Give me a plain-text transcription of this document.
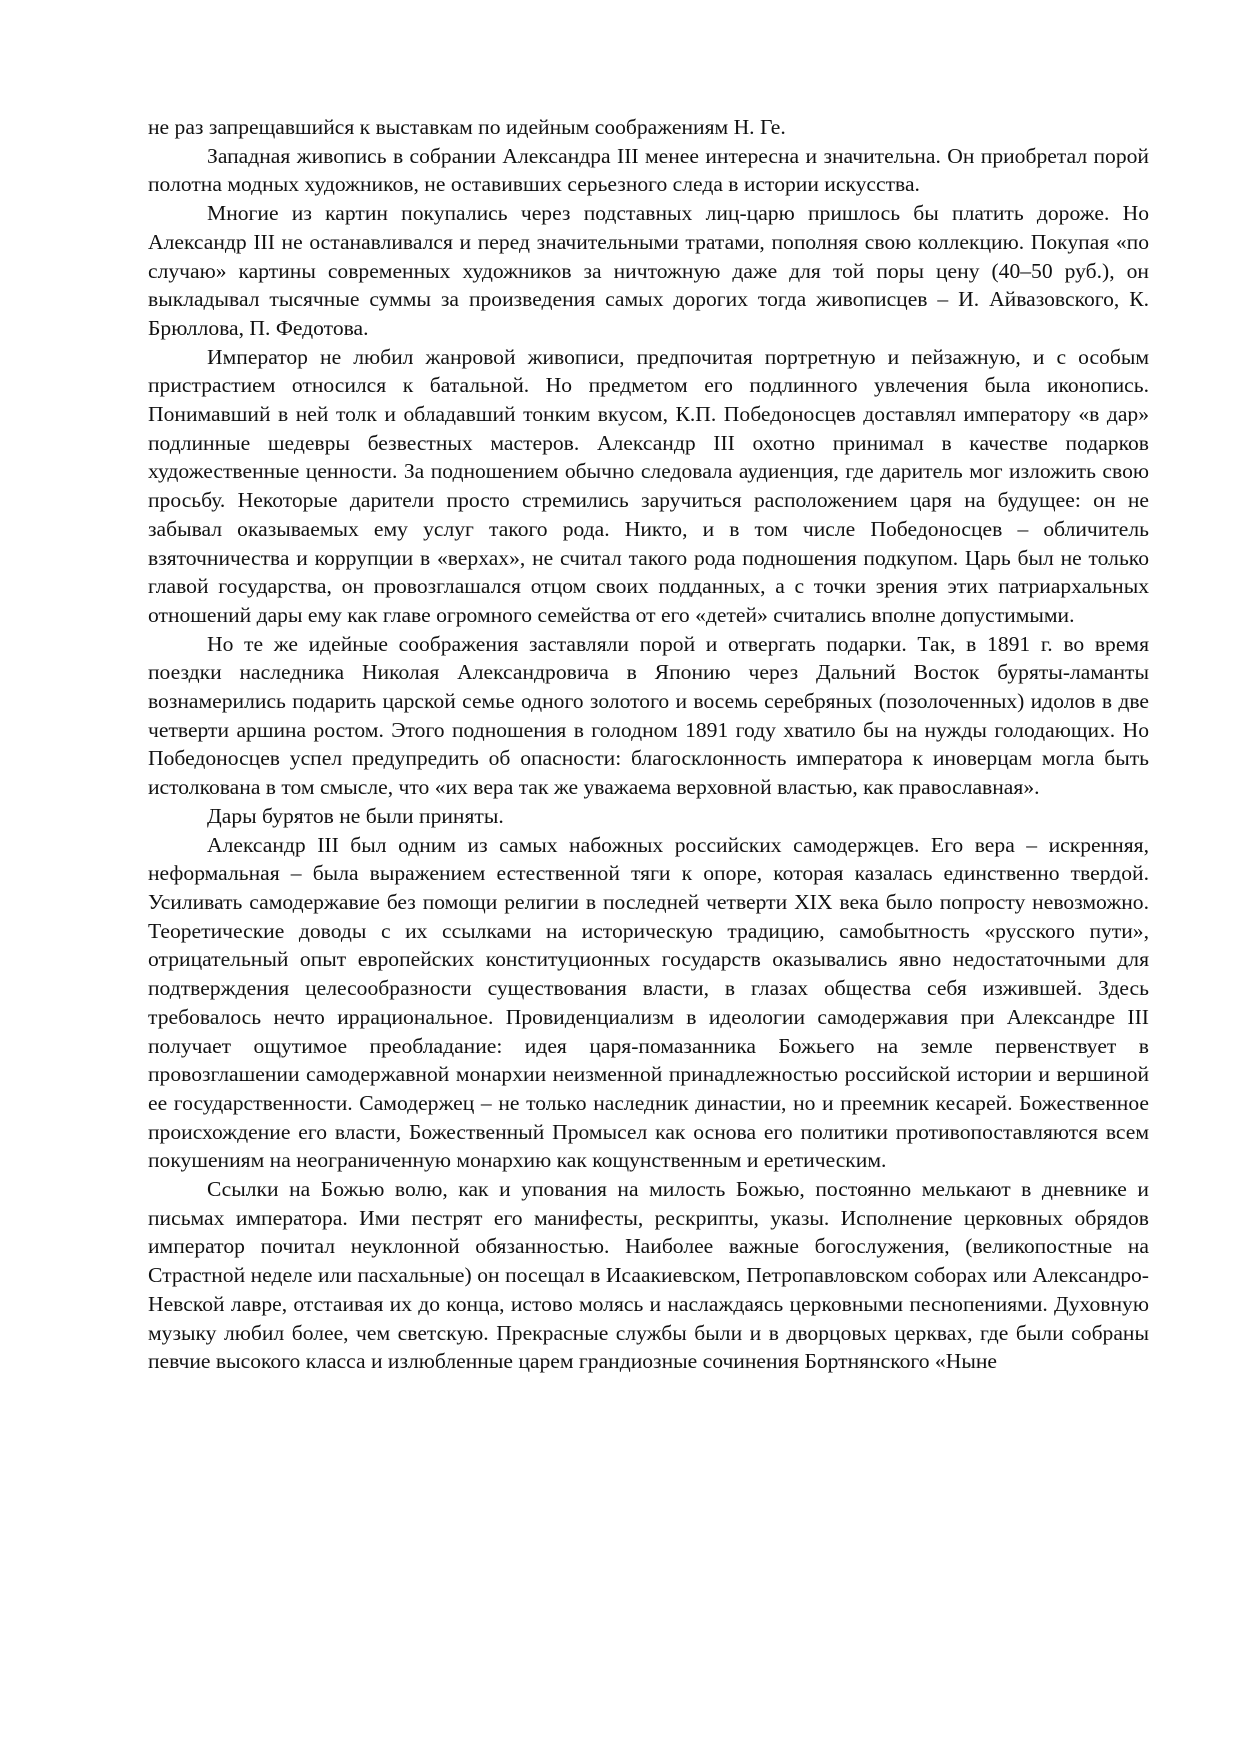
не раз запрещавшийся к выставкам по идейным соображениям Н. Ге.

Западная живопись в собрании Александра III менее интересна и значительна. Он приобретал порой полотна модных художников, не оставивших серьезного следа в истории искусства.

Многие из картин покупались через подставных лиц-царю пришлось бы платить дороже. Но Александр III не останавливался и перед значительными тратами, пополняя свою коллекцию. Покупая «по случаю» картины современных художников за ничтожную даже для той поры цену (40–50 руб.), он выкладывал тысячные суммы за произведения самых дорогих тогда живописцев – И. Айвазовского, К. Брюллова, П. Федотова.

Император не любил жанровой живописи, предпочитая портретную и пейзажную, и с особым пристрастием относился к батальной. Но предметом его подлинного увлечения была иконопись. Понимавший в ней толк и обладавший тонким вкусом, К.П. Победоносцев доставлял императору «в дар» подлинные шедевры безвестных мастеров. Александр III охотно принимал в качестве подарков художественные ценности. За подношением обычно следовала аудиенция, где даритель мог изложить свою просьбу. Некоторые дарители просто стремились заручиться расположением царя на будущее: он не забывал оказываемых ему услуг такого рода. Никто, и в том числе Победоносцев – обличитель взяточничества и коррупции в «верхах», не считал такого рода подношения подкупом. Царь был не только главой государства, он провозглашался отцом своих подданных, а с точки зрения этих патриархальных отношений дары ему как главе огромного семейства от его «детей» считались вполне допустимыми.

Но те же идейные соображения заставляли порой и отвергать подарки. Так, в 1891 г. во время поездки наследника Николая Александровича в Японию через Дальний Восток буряты-ламанты вознамерились подарить царской семье одного золотого и восемь серебряных (позолоченных) идолов в две четверти аршина ростом. Этого подношения в голодном 1891 году хватило бы на нужды голодающих. Но Победоносцев успел предупредить об опасности: благосклонность императора к иноверцам могла быть истолкована в том смысле, что «их вера так же уважаема верховной властью, как православная».

Дары бурятов не были приняты.

Александр III был одним из самых набожных российских самодержцев. Его вера – искренняя, неформальная – была выражением естественной тяги к опоре, которая казалась единственно твердой. Усиливать самодержавие без помощи религии в последней четверти XIX века было попросту невозможно. Теоретические доводы с их ссылками на историческую традицию, самобытность «русского пути», отрицательный опыт европейских конституционных государств оказывались явно недостаточными для подтверждения целесообразности существования власти, в глазах общества себя изжившей. Здесь требовалось нечто иррациональное. Провиденциализм в идеологии самодержавия при Александре III получает ощутимое преобладание: идея царя-помазанника Божьего на земле первенствует в провозглашении самодержавной монархии неизменной принадлежностью российской истории и вершиной ее государственности. Самодержец – не только наследник династии, но и преемник кесарей. Божественное происхождение его власти, Божественный Промысел как основа его политики противопоставляются всем покушениям на неограниченную монархию как кощунственным и еретическим.

Ссылки на Божью волю, как и упования на милость Божью, постоянно мелькают в дневнике и письмах императора. Ими пестрят его манифесты, рескрипты, указы. Исполнение церковных обрядов император почитал неуклонной обязанностью. Наиболее важные богослужения, (великопостные на Страстной неделе или пасхальные) он посещал в Исаакиевском, Петропавловском соборах или Александро-Невской лавре, отстаивая их до конца, истово молясь и наслаждаясь церковными песнопениями. Духовную музыку любил более, чем светскую. Прекрасные службы были и в дворцовых церквах, где были собраны певчие высокого класса и излюбленные царем грандиозные сочинения Бортнянского «Ныне
